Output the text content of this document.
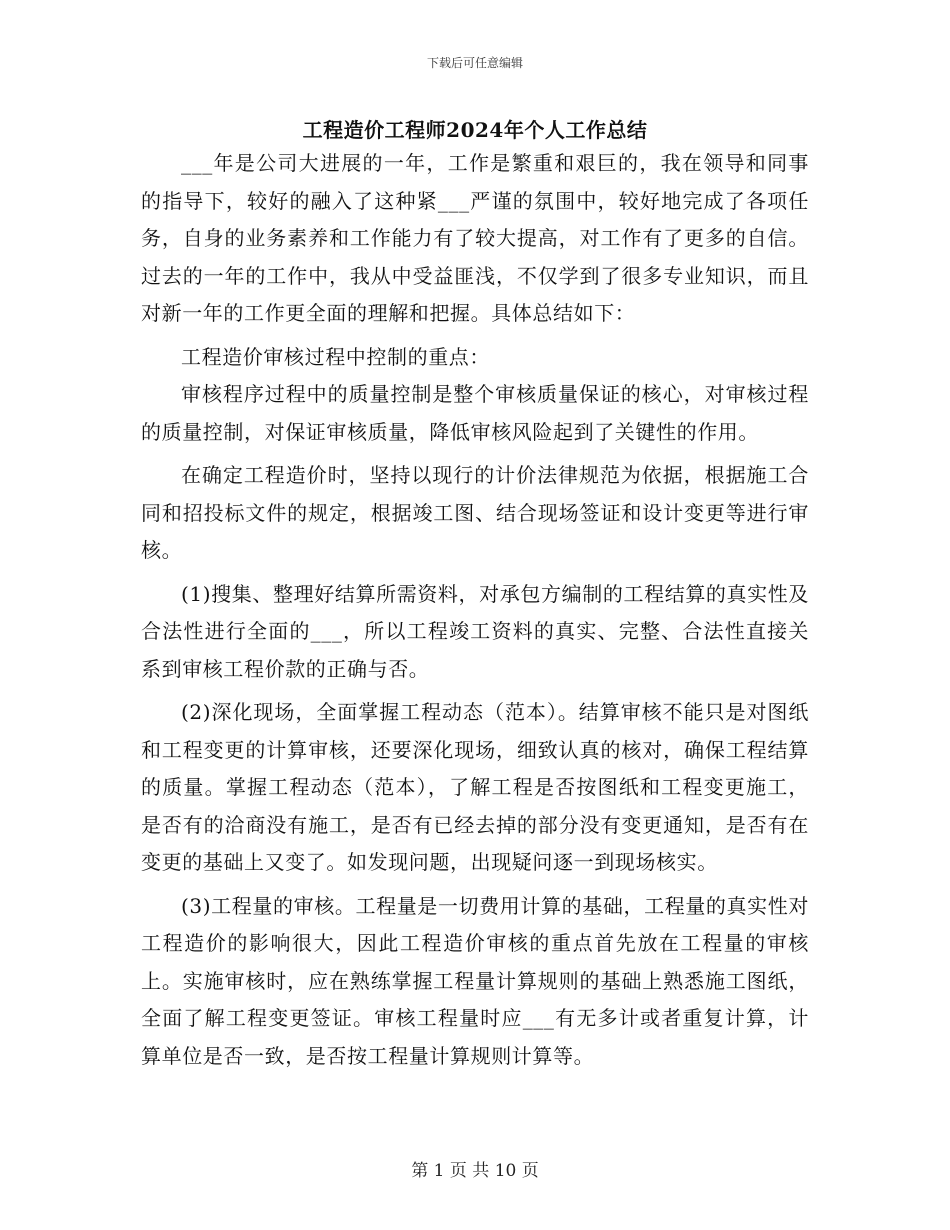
下载后可任意编辑
工程造价工程师2024年个人工作总结

___年是公司大进展的一年，工作是繁重和艰巨的，我在领导和同事的指导下，较好的融入了这种紧___严谨的氛围中，较好地完成了各项任务，自身的业务素养和工作能力有了较大提高，对工作有了更多的自信。过去的一年的工作中，我从中受益匪浅，不仅学到了很多专业知识，而且对新一年的工作更全面的理解和把握。具体总结如下：

工程造价审核过程中控制的重点：

审核程序过程中的质量控制是整个审核质量保证的核心，对审核过程的质量控制，对保证审核质量，降低审核风险起到了关键性的作用。

在确定工程造价时，坚持以现行的计价法律规范为依据，根据施工合同和招投标文件的规定，根据竣工图、结合现场签证和设计变更等进行审核。

(1)搜集、整理好结算所需资料，对承包方编制的工程结算的真实性及合法性进行全面的___，所以工程竣工资料的真实、完整、合法性直接关系到审核工程价款的正确与否。

(2)深化现场，全面掌握工程动态（范本）。结算审核不能只是对图纸和工程变更的计算审核，还要深化现场，细致认真的核对，确保工程结算的质量。掌握工程动态（范本），了解工程是否按图纸和工程变更施工，是否有的洽商没有施工，是否有已经去掉的部分没有变更通知，是否有在变更的基础上又变了。如发现问题，出现疑问逐一到现场核实。

(3)工程量的审核。工程量是一切费用计算的基础，工程量的真实性对工程造价的影响很大，因此工程造价审核的重点首先放在工程量的审核上。实施审核时，应在熟练掌握工程量计算规则的基础上熟悉施工图纸，全面了解工程变更签证。审核工程量时应___有无多计或者重复计算，计算单位是否一致，是否按工程量计算规则计算等。

第 1 页 共 10 页
